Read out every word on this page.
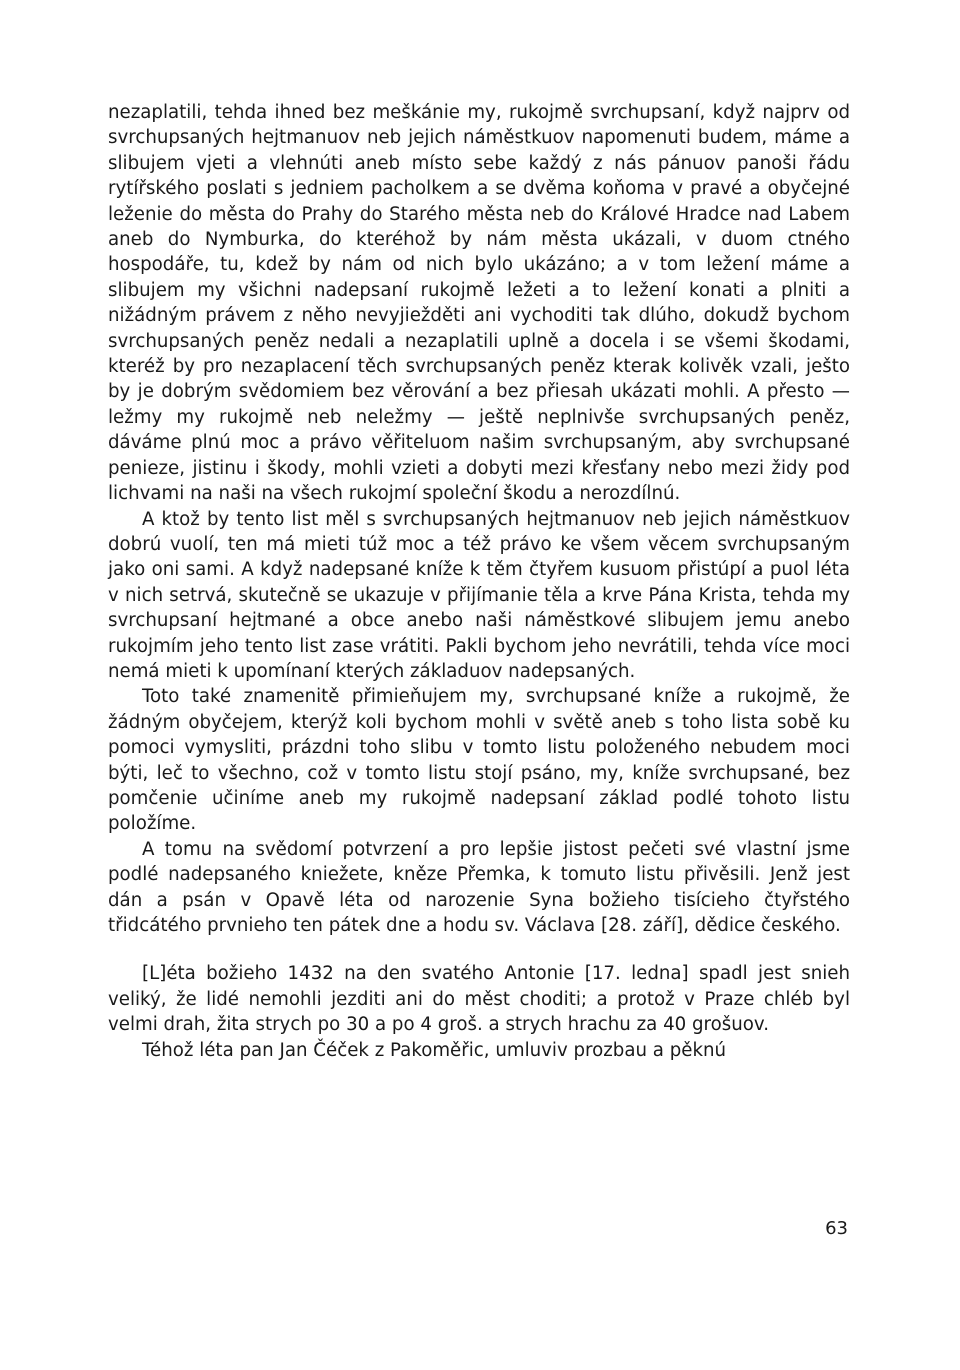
nezaplatili, tehda ihned bez meškánie my, rukojmě svrchupsaní, když najprv od svrchupsaných hejtmanuov neb jejich náměstkuov napomenuti budem, máme a slibujem vjeti a vlehnúti aneb místo sebe každý z nás pánuov panoši řádu rytířského poslati s jedniem pacholkem a se dvěma koňoma v pravé a obyčejné leženie do města do Prahy do Starého města neb do Králové Hradce nad Labem aneb do Nymburka, do kteréhož by nám města ukázali, v duom ctného hospodáře, tu, kdež by nám od nich bylo ukázáno; a v tom ležení máme a slibujem my všichni nadepsaní rukojmě ležeti a to ležení konati a plniti a nižádným právem z něho nevyjiežděti ani vychoditi tak dlúho, dokudž bychom svrchupsaných peněz nedali a nezaplatili uplně a docela i se všemi škodami, kteréž by pro nezaplacení těch svrchupsaných peněz kterak kolivěk vzali, ješto by je dobrým svědomiem bez věrování a bez přiesah ukázati mohli. A přesto — ležmy my rukojmě neb neležmy — ještě neplnivše svrchupsaných peněz, dáváme plnú moc a právo věřiteluom našim svrchupsaným, aby svrchupsané penieze, jistinu i škody, mohli vzieti a dobyti mezi křesťany nebo mezi židy pod lichvami na naši na všech rukojmí společní škodu a nerozdílnú.

A ktož by tento list měl s svrchupsaných hejtmanuov neb jejich náměstkuov dobrú vuolí, ten má mieti túž moc a též právo ke všem věcem svrchupsaným jako oni sami. A když nadepsané kníže k těm čtyřem kusuom přistúpí a puol léta v nich setrvá, skutečně se ukazuje v přijímanie těla a krve Pána Krista, tehda my svrchupsaní hejtmané a obce anebo naši náměstkové slibujem jemu anebo rukojmím jeho tento list zase vrátiti. Pakli bychom jeho nevrátili, tehda více moci nemá mieti k upomínaní kterých základuov nadepsaných.

Toto také znamenitě přimieňujem my, svrchupsané kníže a rukojmě, že žádným obyčejem, kterýž koli bychom mohli v světě aneb s toho lista sobě ku pomoci vymysliti, prázdni toho slibu v tomto listu položeného nebudem moci býti, leč to všechno, což v tomto listu stojí psáno, my, kníže svrchupsané, bez pomčenie učiníme aneb my rukojmě nadepsaní základ podlé tohoto listu položíme.

A tomu na svědomí potvrzení a pro lepšie jistost pečeti své vlastní jsme podlé nadepsaného kniežete, kněze Přemka, k tomuto listu přivěsili. Jenž jest dán a psán v Opavě léta od narozenie Syna božieho tisícieho čtyřstého třidcátého prvnieho ten pátek dne a hodu sv. Václava [28. září], dědice českého.

[L]éta božieho 1432 na den svatého Antonie [17. ledna] spadl jest snieh veliký, že lidé nemohli jezditi ani do měst choditi; a protož v Praze chléb byl velmi drah, žita strych po 30 a po 4 groš. a strych hrachu za 40 grošuov.

Téhož léta pan Jan Čéček z Pakoměřic, umluviv prozbau a pěknú

63
